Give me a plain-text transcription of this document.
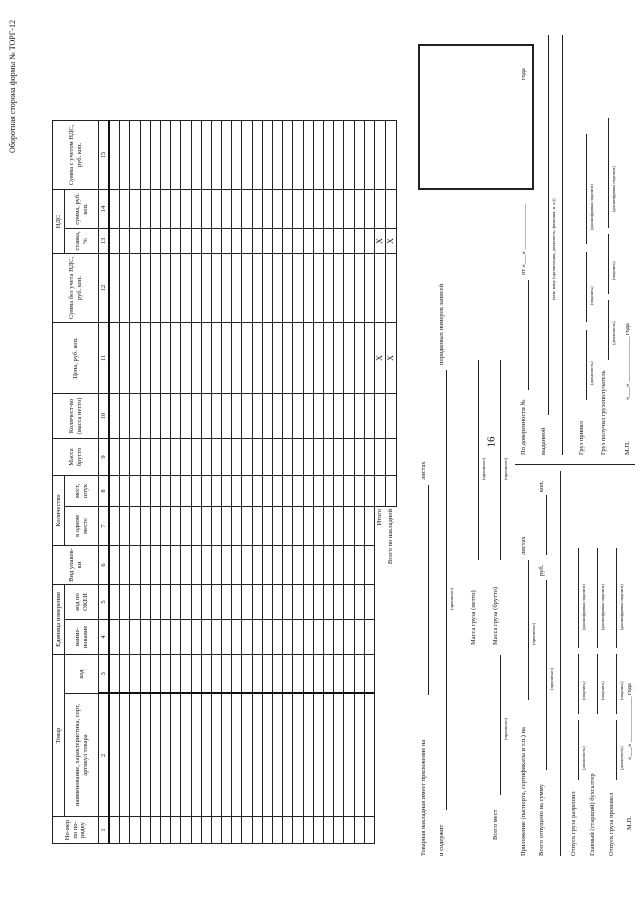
16
Оборотная сторона формы № ТОРГ-12
Но-мер по по-рядку	Товар		Единица измерения		Вид упаков-ки	Количество		Масса брутто	Количест-во (масса нетто)	Цена, руб. коп.	Сумма без учета НДС, руб. коп.	НДС		Сумма с учетом НДС, руб. коп.
	наименование, характеристика, сорт, артикул товара	код	наиме-нование	код по ОКЕИ		в одном месте	мест, штук					ставка, %	сумма, руб. коп.	
1	2	3	4	5	6	7	8	9	10	11	12	13	14	15

Итого										X		X		
Всего по накладной										X		X		
Товарная накладная имеет приложение на
листах
и содержит
порядковых номеров записей
(прописью) Масса груза (нетто)
(прописью)
Всего мест
(прописью)
Масса груза (брутто)
(прописью)
Приложение (паспорта, сертификаты и т.п.) на
листах
(прописью)
Всего отпущено на сумму
руб.
коп.
(прописью)
Отпуск груза разрешил
(должность)
(подпись)
(расшифровка подписи)
Главный (старший) бухгалтер
(подпись)
(расшифровка подписи)
Отпуск груза произвел
(должность)
(подпись)
(расшифровка подписи)
М.П.
«___» ______________ года
По доверенности №
от «___» ______________
года
выданной
(кем, кому (организация, должность, фамилия, и. о.))
Груз принял
(должность)
(подпись)
(расшифровка подписи)
Груз получил грузополучатель
(должность)
(подпись)
(расшифровка подписи)
М.П.
«___» ______________ года
